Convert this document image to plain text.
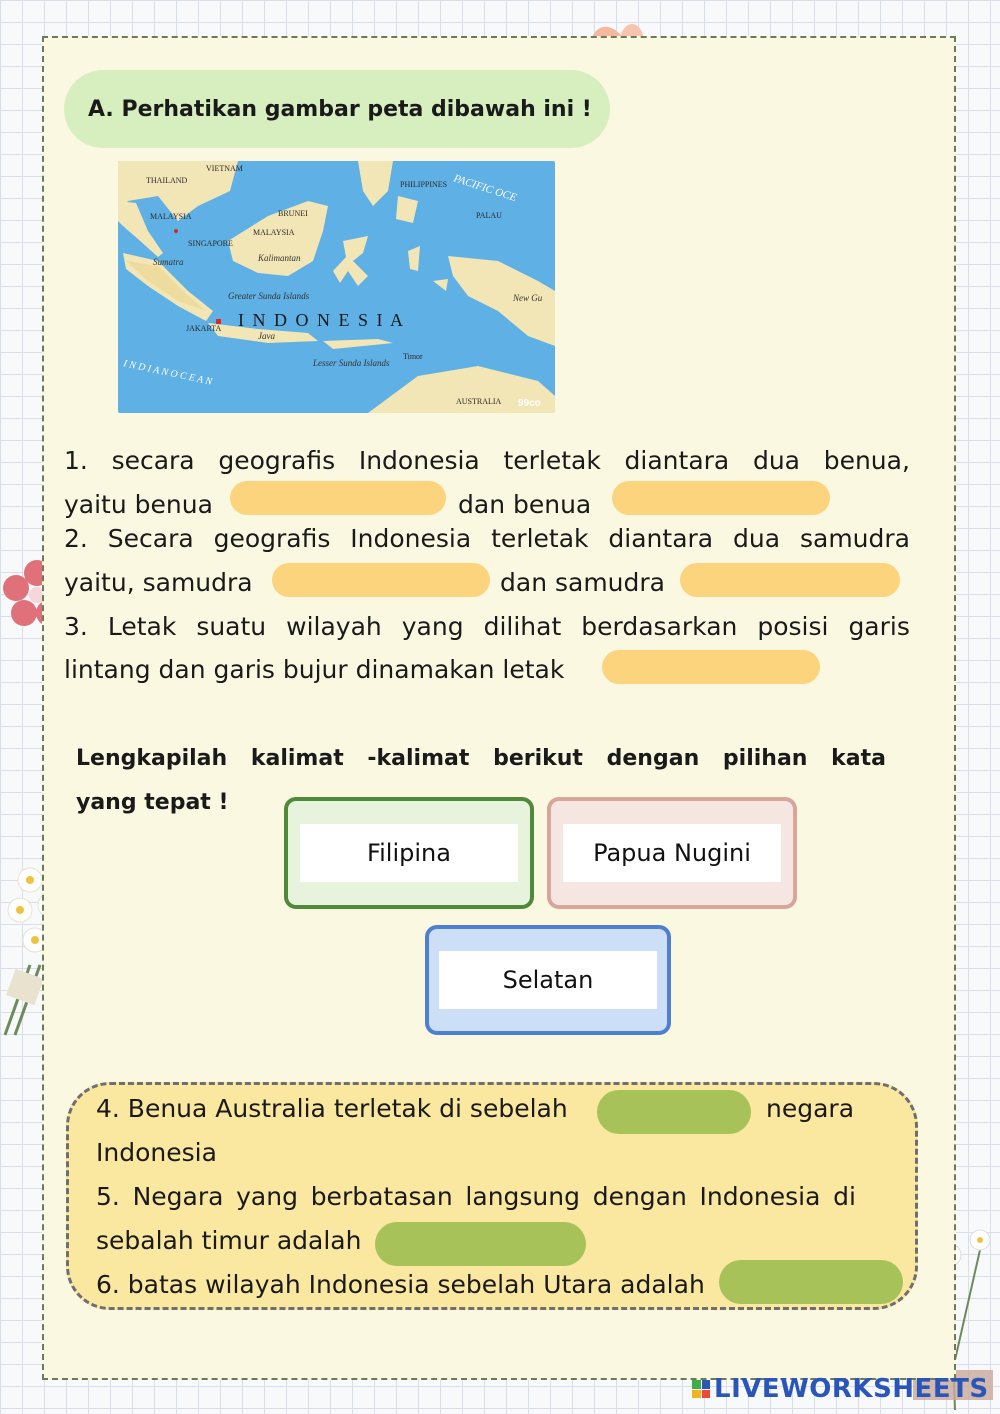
A. Perhatikan gambar peta dibawah ini !
THAILAND
VIETNAM
PHILIPPINES
MALAYSIA
MALAYSIA
BRUNEI	PALAU
SINGAPORE
JAKARTA
Timor
AUSTRALIA
Sumatra	Kalimantan
Java
Greater Sunda Islands
Lesser Sunda Islands
New Gu
PACIFIC OCE
I N D I A N O C E A N
I N D O N E S I A
99co
1. secara geografis Indonesia terletak diantara dua benua,
yaitu benua	dan benua
2. Secara geografis Indonesia terletak diantara dua samudra
yaitu, samudra	dan samudra
3. Letak suatu wilayah yang dilihat berdasarkan posisi garis
lintang dan garis bujur dinamakan letak
Lengkapilah kalimat -kalimat berikut dengan pilihan kata
yang tepat !
Filipina	Papua Nugini
Selatan
4. Benua Australia terletak di sebelah	negara
Indonesia
5. Negara yang berbatasan langsung dengan Indonesia di
sebalah timur adalah
6. batas wilayah Indonesia sebelah Utara adalah
LIVEWORKSHEETS
